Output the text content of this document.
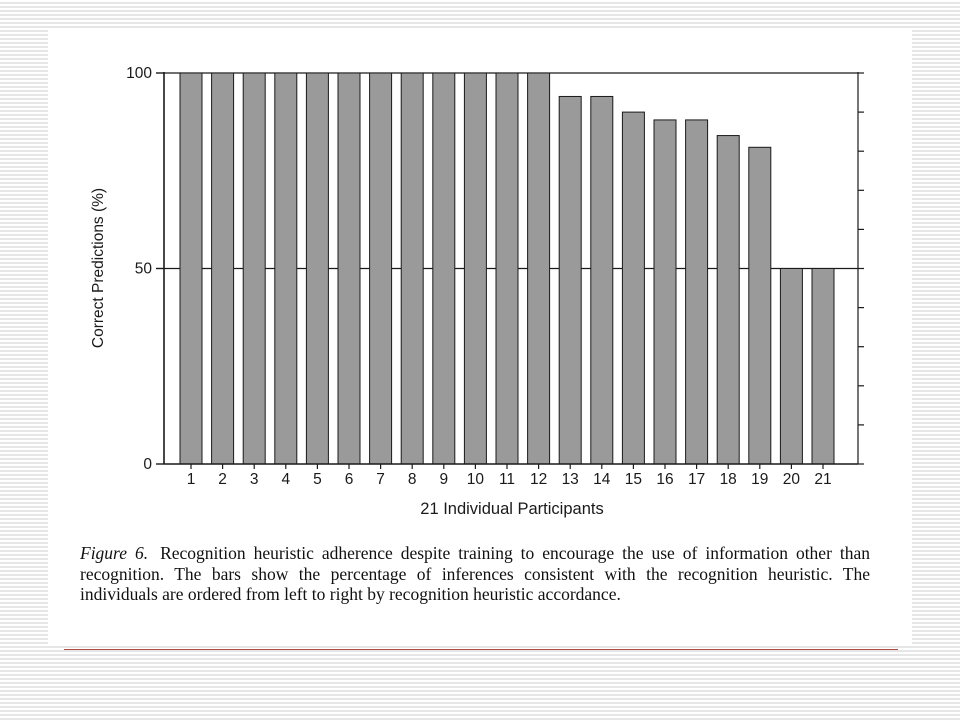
0
50
100
1 2 3 4 5 6 7 8 9 10 11 12 13 14 15 16 17 18 19 20 21
Correct Predictions (%)
21 Individual Participants

Figure 6. Recognition heuristic adherence despite training to encourage the use of information other than recognition. The bars show the percentage of inferences consistent with the recognition heuristic. The individuals are ordered from left to right by recognition heuristic accordance.
